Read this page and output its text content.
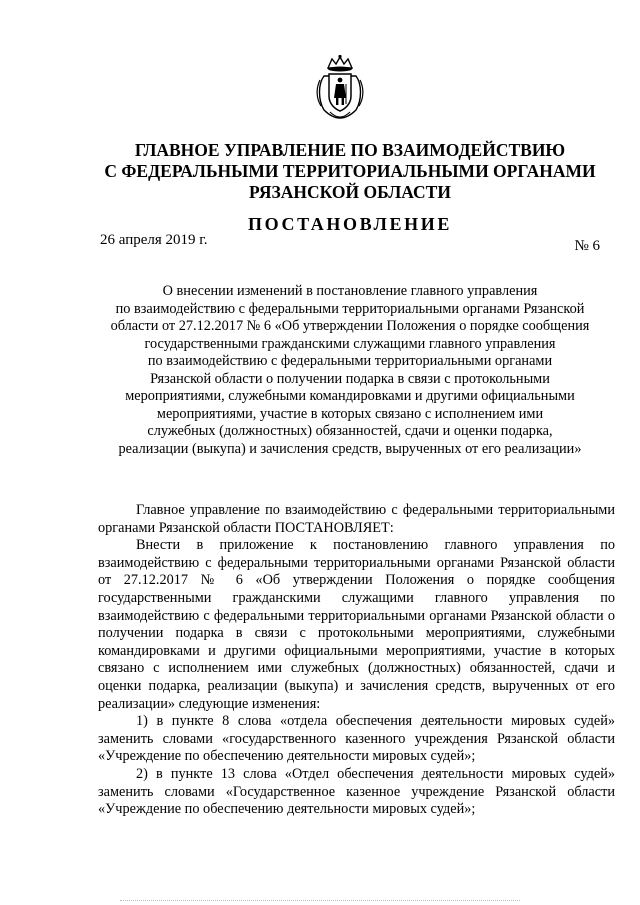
ГЛАВНОЕ УПРАВЛЕНИЕ ПО ВЗАИМОДЕЙСТВИЮ
С ФЕДЕРАЛЬНЫМИ ТЕРРИТОРИАЛЬНЫМИ ОРГАНАМИ
РЯЗАНСКОЙ ОБЛАСТИ
ПОСТАНОВЛЕНИЕ
26 апреля 2019 г.	№ 6
О внесении изменений в постановление главного управления
по взаимодействию с федеральными территориальными органами Рязанской
области от 27.12.2017 № 6 «Об утверждении Положения о порядке сообщения
государственными гражданскими служащими главного управления
по взаимодействию с федеральными территориальными органами
Рязанской области о получении подарка в связи с протокольными
мероприятиями, служебными командировками и другими официальными
мероприятиями, участие в которых связано с исполнением ими
служебных (должностных) обязанностей, сдачи и оценки подарка,
реализации (выкупа) и зачисления средств, вырученных от его реализации»

Главное управление по взаимодействию с федеральными территориальными органами Рязанской области ПОСТАНОВЛЯЕТ:

Внести в приложение к постановлению главного управления по взаимодействию с федеральными территориальными органами Рязанской области от 27.12.2017 № 6 «Об утверждении Положения о порядке сообщения государственными гражданскими служащими главного управления по взаимодействию с федеральными территориальными органами Рязанской области о получении подарка в связи с протокольными мероприятиями, служебными командировками и другими официальными мероприятиями, участие в которых связано с исполнением ими служебных (должностных) обязанностей, сдачи и оценки подарка, реализации (выкупа) и зачисления средств, вырученных от его реализации» следующие изменения:

1) в пункте 8 слова «отдела обеспечения деятельности мировых судей» заменить словами «государственного казенного учреждения Рязанской области «Учреждение по обеспечению деятельности мировых судей»;

2) в пункте 13 слова «Отдел обеспечения деятельности мировых судей» заменить словами «Государственное казенное учреждение Рязанской области «Учреждение по обеспечению деятельности мировых судей»;
